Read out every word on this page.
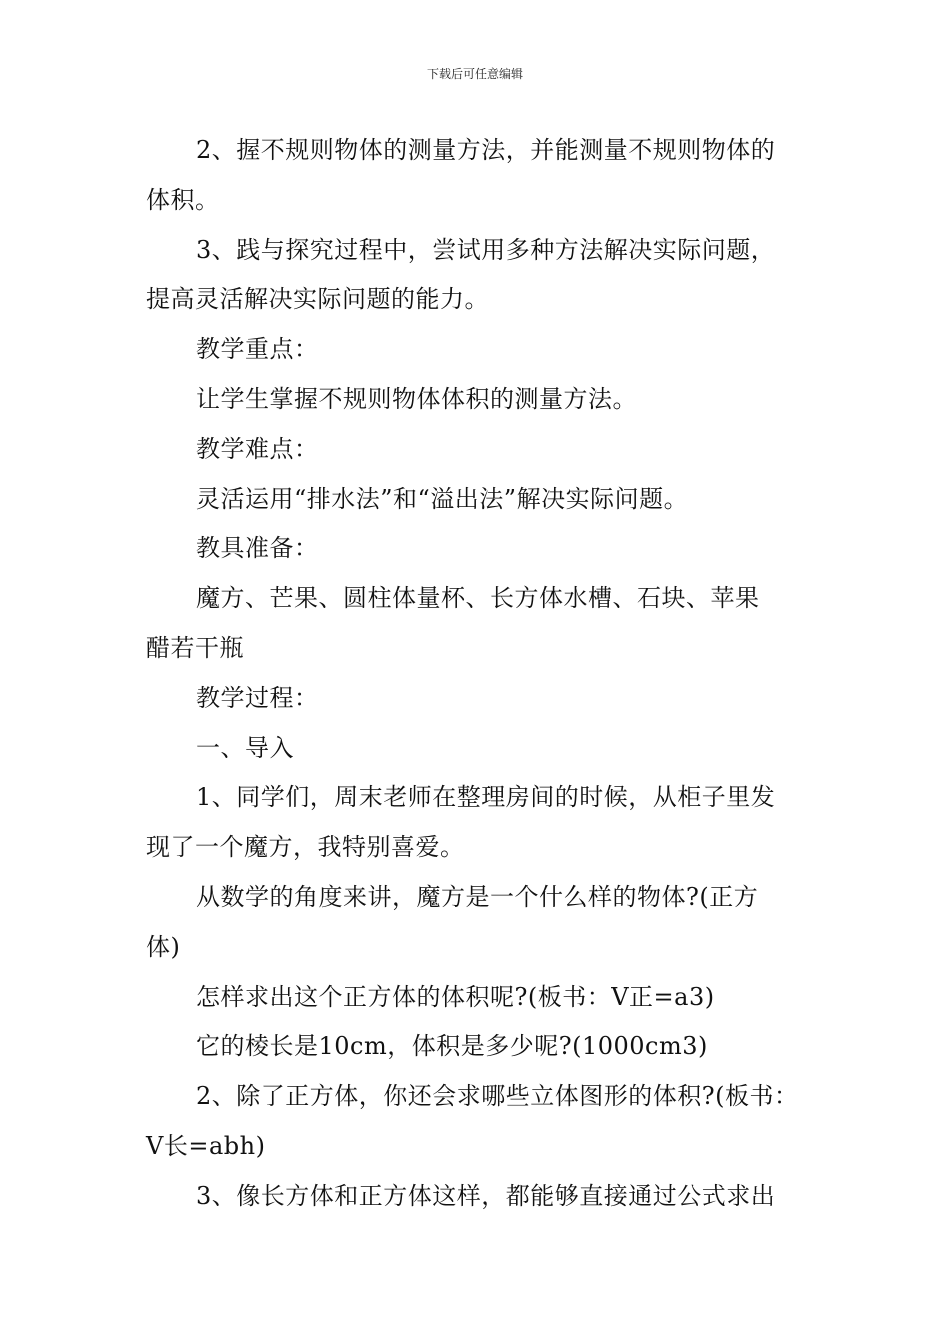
下载后可任意编辑
2、握不规则物体的测量方法，并能测量不规则物体的
体积。
3、践与探究过程中，尝试用多种方法解决实际问题，
提高灵活解决实际问题的能力。
教学重点：
让学生掌握不规则物体体积的测量方法。
教学难点：
灵活运用“排水法”和“溢出法”解决实际问题。
教具准备：
魔方、芒果、圆柱体量杯、长方体水槽、石块、苹果
醋若干瓶
教学过程：
一、导入
1、同学们，周末老师在整理房间的时候，从柜子里发
现了一个魔方，我特别喜爱。
从数学的角度来讲，魔方是一个什么样的物体?(正方
体)
怎样求出这个正方体的体积呢?(板书：V正=a3)
它的棱长是10cm，体积是多少呢?(1000cm3)
2、除了正方体，你还会求哪些立体图形的体积?(板书：
V长=abh)
3、像长方体和正方体这样，都能够直接通过公式求出
